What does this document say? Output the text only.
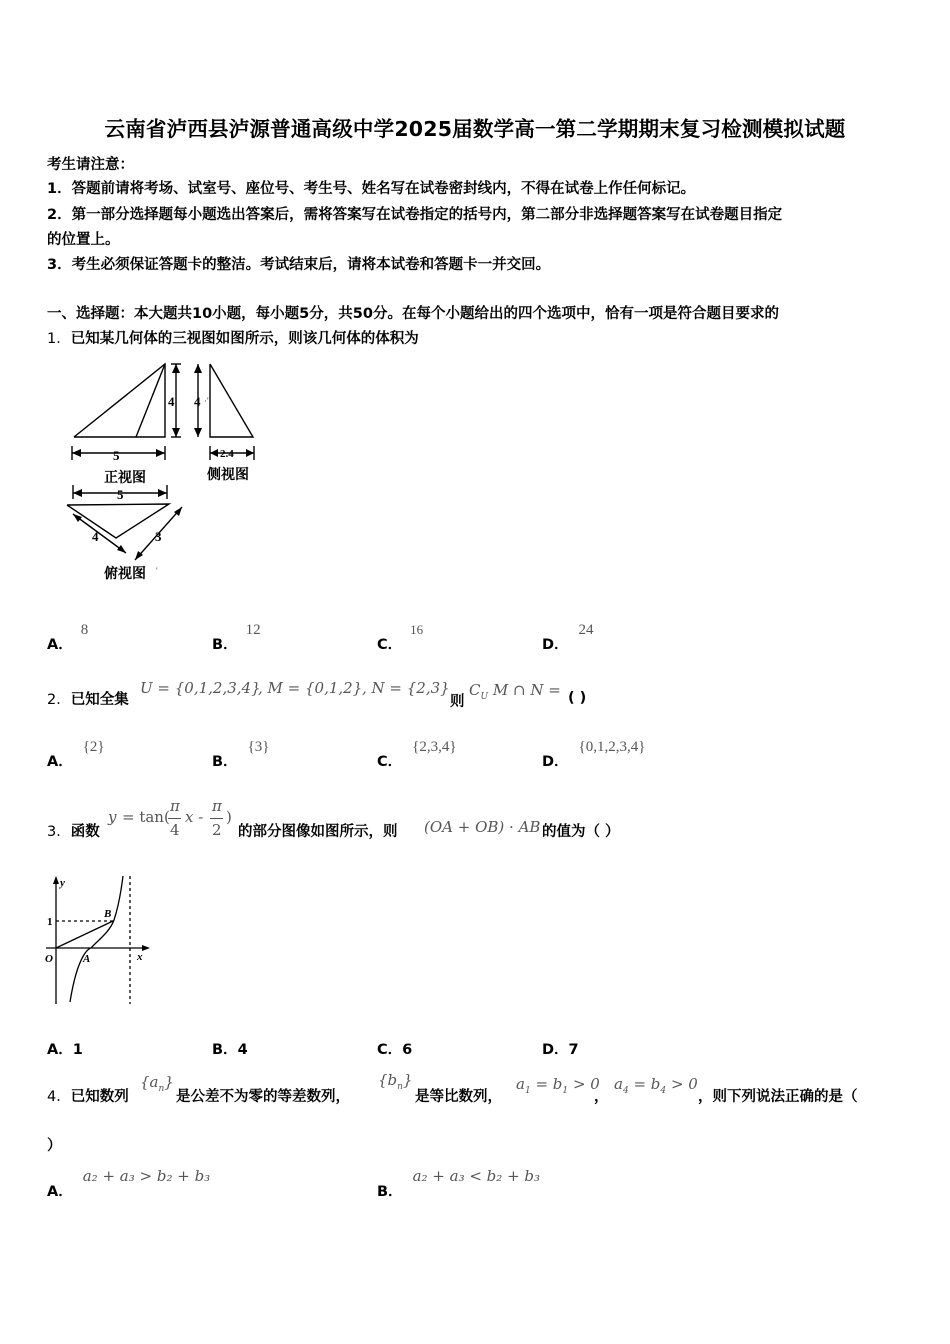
云南省泸西县泸源普通高级中学2025届数学高一第二学期期末复习检测模拟试题
考生请注意：
1．答题前请将考场、试室号、座位号、考生号、姓名写在试卷密封线内，不得在试卷上作任何标记。
2．第一部分选择题每小题选出答案后，需将答案写在试卷指定的括号内，第二部分非选择题答案写在试卷题目指定
的位置上。
3．考生必须保证答题卡的整洁。考试结束后，请将本试卷和答题卡一并交回。
一、选择题：本大题共10小题，每小题5分，共50分。在每个小题给出的四个选项中，恰有一项是符合题目要求的
1．已知某几何体的三视图如图所示，则该几何体的体积为
4 4 ·'
5	2.4
正视图	侧视图
5
4	3
俯视图 '
A．8
B．12
C．16
D．24
2．已知全集
U = {0,1,2,3,4}
, M = {0,1,2} , N = {2,3}
则
$C_U$ M ∩ N = ( )
A．{2}
B．{3}
C．{2,3,4}
D．{0,1,2,3,4}
3．函数
y = tan(
π
4
x -
π
2
)
的部分图像如图所示，则 (OA + OB) · AB 的值为（ ）
y
x
O
1
A
B
A．1	B．4	C．6	D．7
4．已知数列
$\{a_n\}$
是公差不为零的等差数列，
$\{b_n\}$
是等比数列，
$a_1 = b_1 > 0$
，
$a_4 = b_4 > 0$
，则下列说法正确的是（
）
A．a₂ + a₃ > b₂ + b₃
B．a₂ + a₃ < b₂ + b₃
